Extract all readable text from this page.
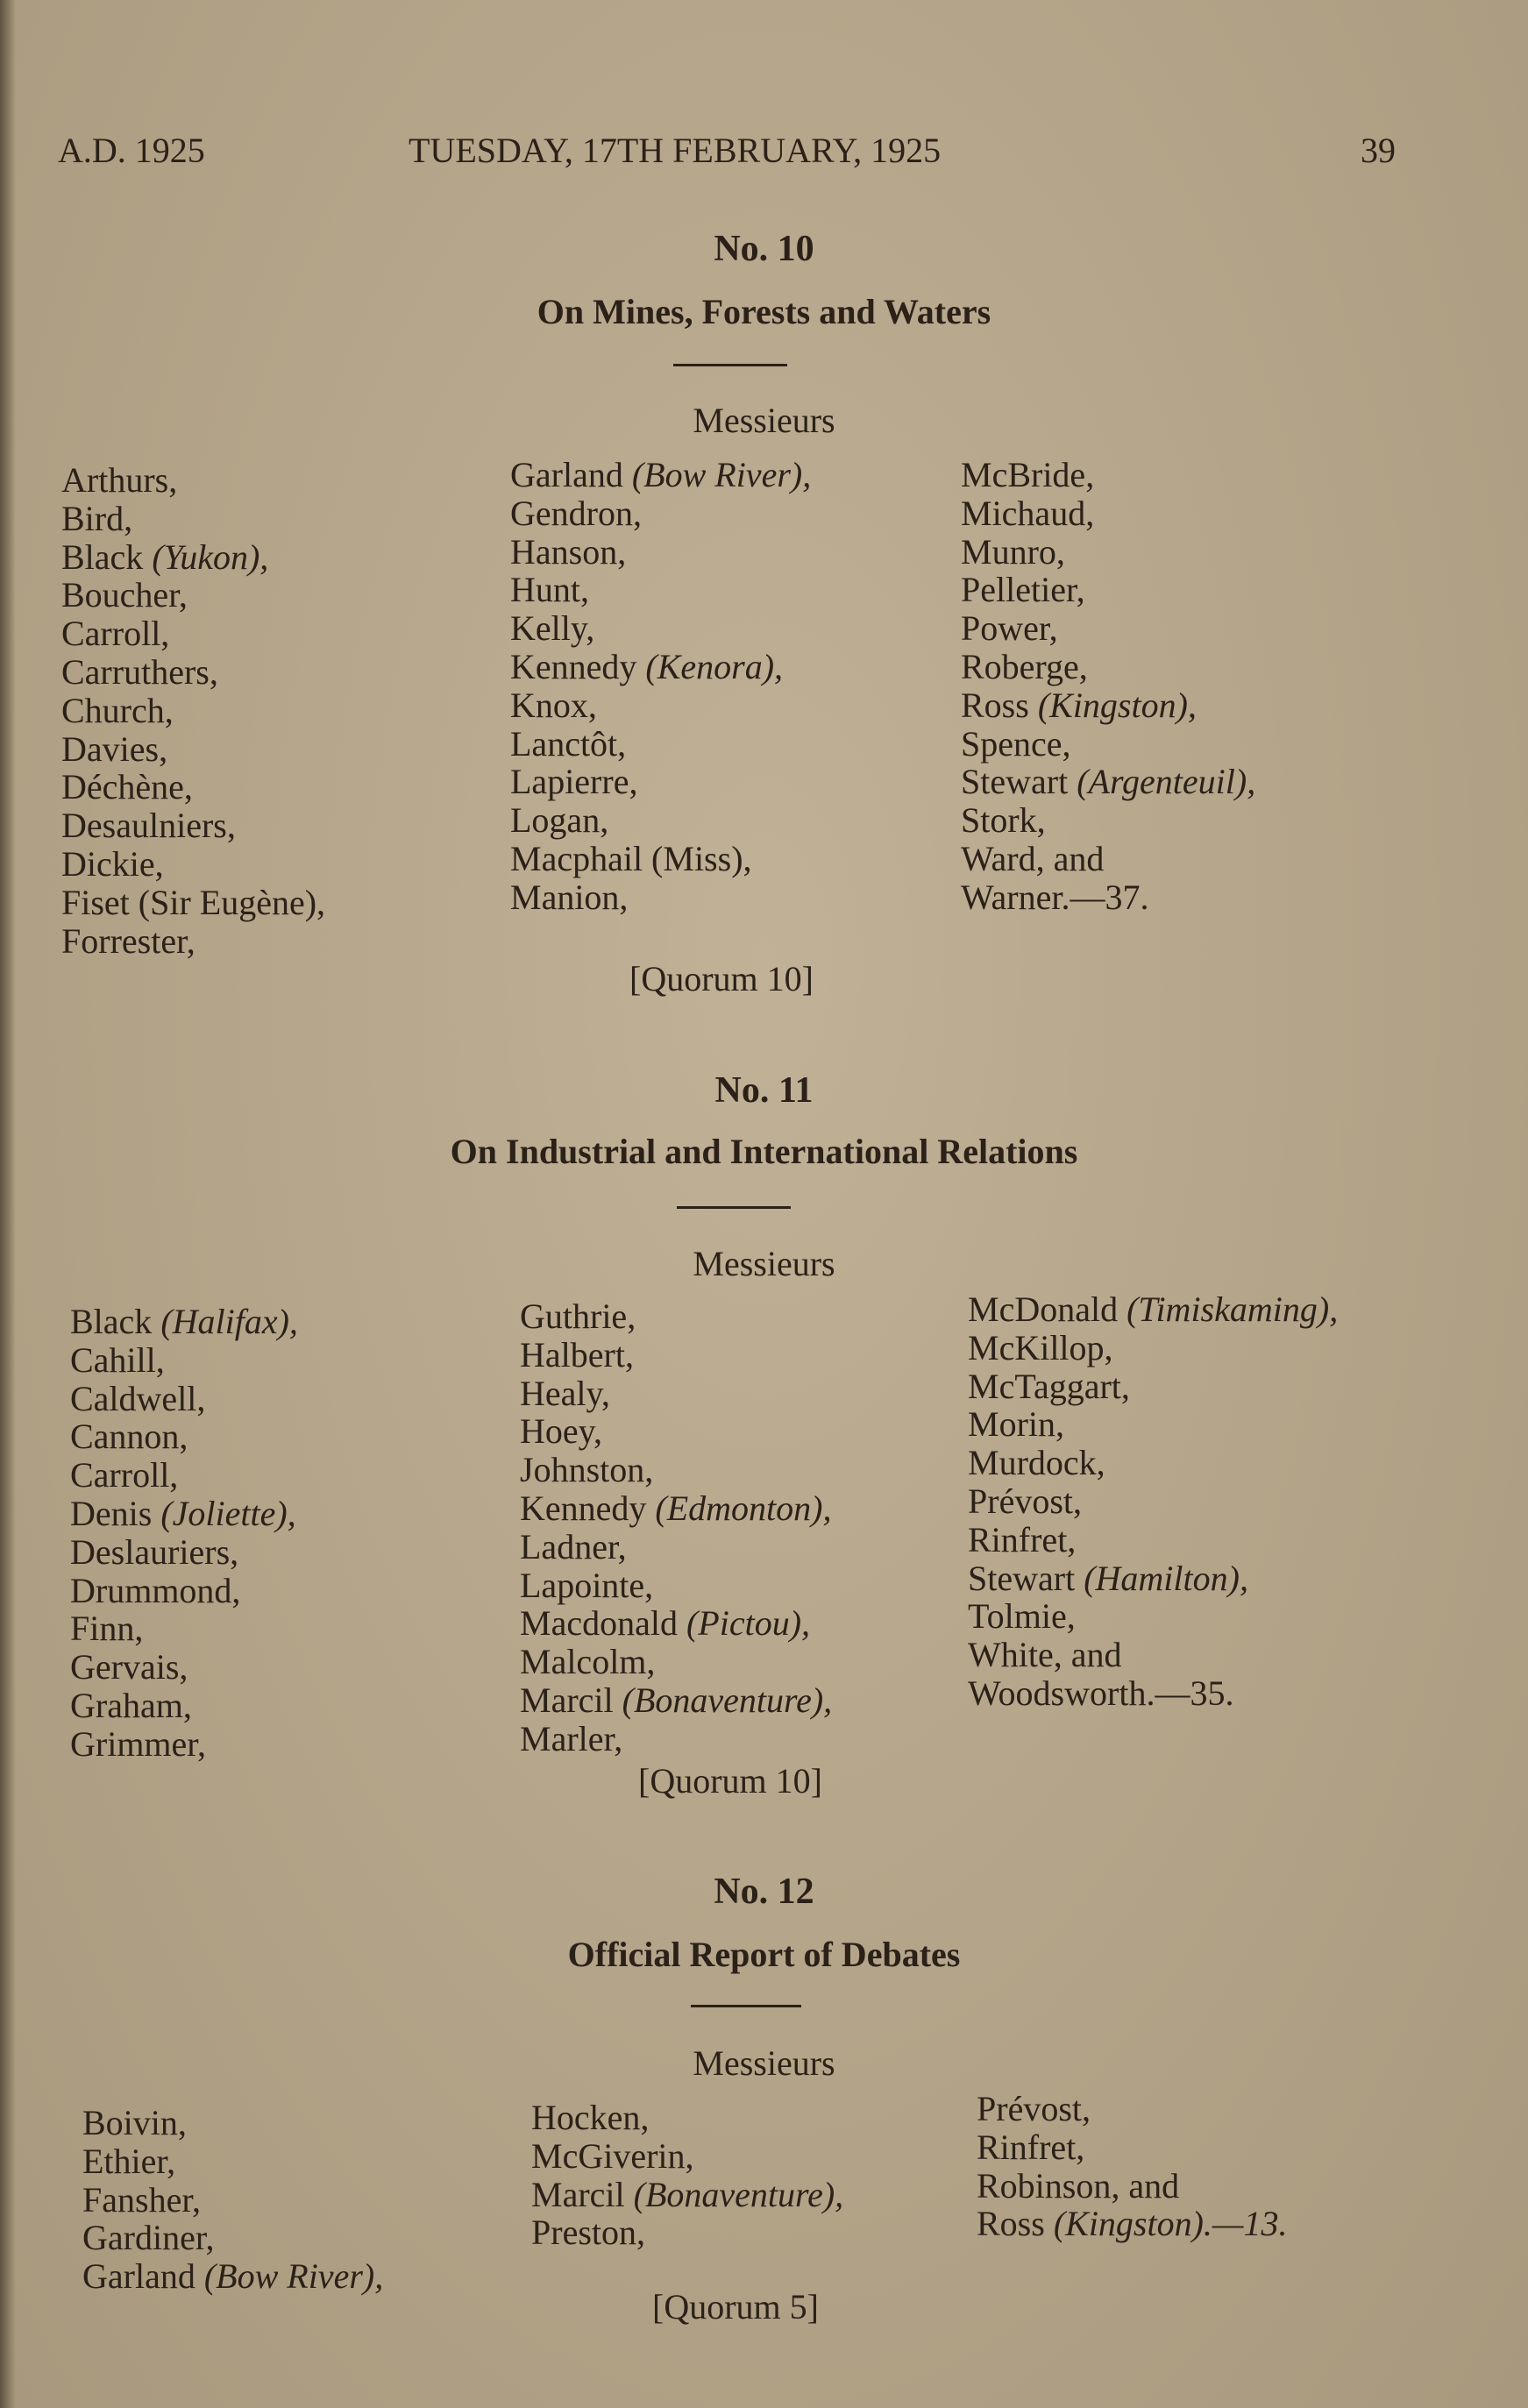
A.D. 1925	TUESDAY, 17TH FEBRUARY, 1925	39
No. 10
On Mines, Forests and Waters
Messieurs
Arthurs,
Bird,
Black (Yukon),
Boucher,
Carroll,
Carruthers,
Church,
Davies,
Déchène,
Desaulniers,
Dickie,
Fiset (Sir Eugène),
Forrester,
Garland (Bow River),
Gendron,
Hanson,
Hunt,
Kelly,
Kennedy (Kenora),
Knox,
Lanctôt,
Lapierre,
Logan,
Macphail (Miss),
Manion,
McBride,
Michaud,
Munro,
Pelletier,
Power,
Roberge,
Ross (Kingston),
Spence,
Stewart (Argenteuil),
Stork,
Ward, and
Warner.—37.
[Quorum 10]
No. 11
On Industrial and International Relations
Messieurs
Black (Halifax),
Cahill,
Caldwell,
Cannon,
Carroll,
Denis (Joliette),
Deslauriers,
Drummond,
Finn,
Gervais,
Graham,
Grimmer,
Guthrie,
Halbert,
Healy,
Hoey,
Johnston,
Kennedy (Edmonton),
Ladner,
Lapointe,
Macdonald (Pictou),
Malcolm,
Marcil (Bonaventure),
Marler,
McDonald (Timiskaming),
McKillop,
McTaggart,
Morin,
Murdock,
Prévost,
Rinfret,
Stewart (Hamilton),
Tolmie,
White, and
Woodsworth.—35.
[Quorum 10]
No. 12
Official Report of Debates
Messieurs
Boivin,
Ethier,
Fansher,
Gardiner,
Garland (Bow River),
Hocken,
McGiverin,
Marcil (Bonaventure),
Preston,
Prévost,
Rinfret,
Robinson, and
Ross (Kingston).—13.
[Quorum 5]
